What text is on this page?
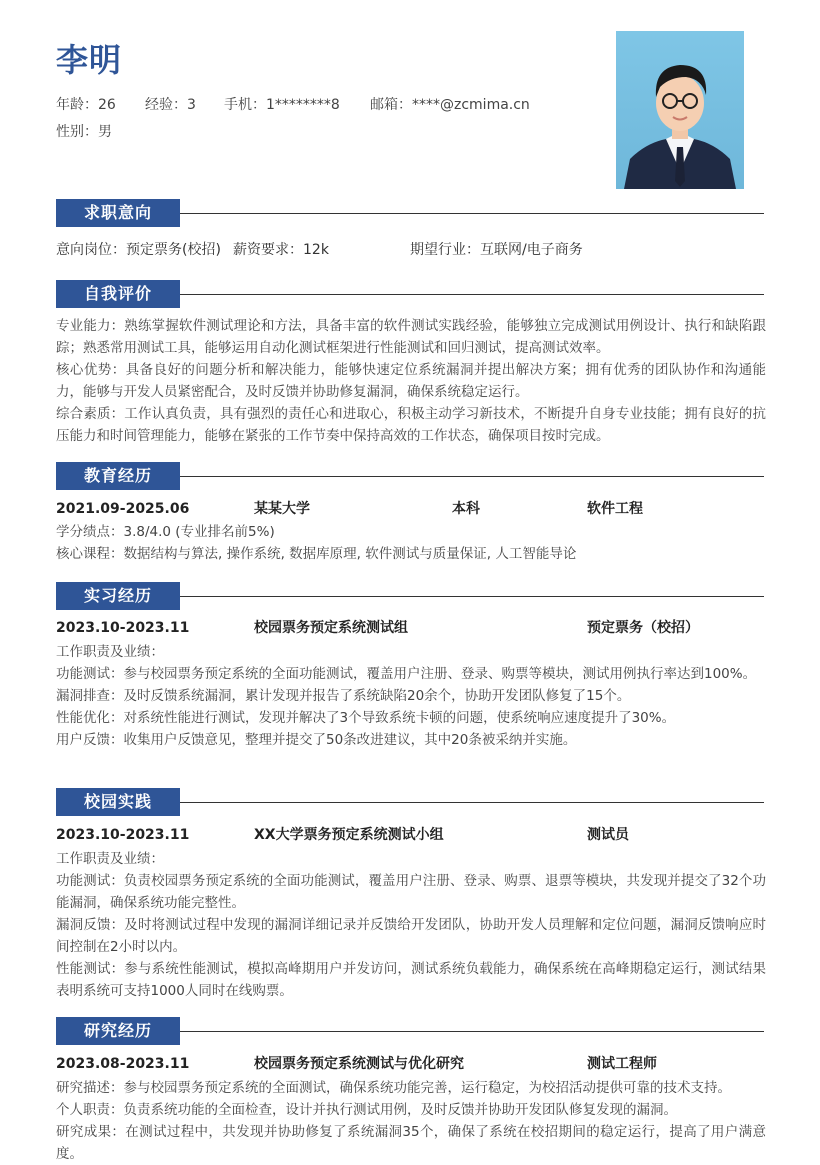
李明
年龄：26 经验：3 手机：1********8 邮箱：****@zcmima.cn
性别：男
求职意向
意向岗位：预定票务(校招) 薪资要求：12k	期望行业：互联网/电子商务
自我评价

专业能力：熟练掌握软件测试理论和方法，具备丰富的软件测试实践经验，能够独立完成测试用例设计、执行和缺陷跟踪；熟悉常用测试工具，能够运用自动化测试框架进行性能测试和回归测试，提高测试效率。

核心优势：具备良好的问题分析和解决能力，能够快速定位系统漏洞并提出解决方案；拥有优秀的团队协作和沟通能力，能够与开发人员紧密配合，及时反馈并协助修复漏洞，确保系统稳定运行。

综合素质：工作认真负责，具有强烈的责任心和进取心，积极主动学习新技术，不断提升自身专业技能；拥有良好的抗压能力和时间管理能力，能够在紧张的工作节奏中保持高效的工作状态，确保项目按时完成。

教育经历
2021.09-2025.06	某某大学	本科	软件工程

学分绩点：3.8/4.0 (专业排名前5%)

核心课程：数据结构与算法, 操作系统, 数据库原理, 软件测试与质量保证, 人工智能导论

实习经历
2023.10-2023.11	校园票务预定系统测试组	预定票务（校招）

工作职责及业绩：

功能测试：参与校园票务预定系统的全面功能测试，覆盖用户注册、登录、购票等模块，测试用例执行率达到100%。

漏洞排查：及时反馈系统漏洞，累计发现并报告了系统缺陷20余个，协助开发团队修复了15个。

性能优化：对系统性能进行测试，发现并解决了3个导致系统卡顿的问题，使系统响应速度提升了30%。

用户反馈：收集用户反馈意见，整理并提交了50条改进建议，其中20条被采纳并实施。

校园实践
2023.10-2023.11	XX大学票务预定系统测试小组	测试员

工作职责及业绩：

功能测试：负责校园票务预定系统的全面功能测试，覆盖用户注册、登录、购票、退票等模块，共发现并提交了32个功能漏洞，确保系统功能完整性。

漏洞反馈：及时将测试过程中发现的漏洞详细记录并反馈给开发团队，协助开发人员理解和定位问题，漏洞反馈响应时间控制在2小时以内。

性能测试：参与系统性能测试，模拟高峰期用户并发访问，测试系统负载能力，确保系统在高峰期稳定运行，测试结果表明系统可支持1000人同时在线购票。

研究经历
2023.08-2023.11	校园票务预定系统测试与优化研究	测试工程师

研究描述：参与校园票务预定系统的全面测试，确保系统功能完善，运行稳定，为校招活动提供可靠的技术支持。

个人职责：负责系统功能的全面检查，设计并执行测试用例，及时反馈并协助开发团队修复发现的漏洞。

研究成果：在测试过程中，共发现并协助修复了系统漏洞35个，确保了系统在校招期间的稳定运行，提高了用户满意度。
